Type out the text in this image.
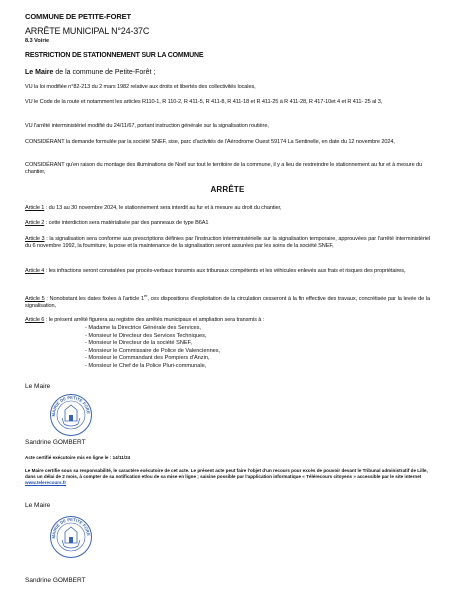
COMMUNE DE PETITE-FORET
ARRÊTE MUNICIPAL N°24-37C
8.3 Voirie
RESTRICTION DE STATIONNEMENT SUR LA COMMUNE
Le Maire de la commune de Petite-Forêt ;
VU la loi modifiée n°82-213 du 2 mars 1982 relative aux droits et libertés des collectivités locales,
VU le Code de la route et notamment les articles R110-1, R 110-2, R 411-5, R 411-8, R 411-18 et R 411-25 à R 411-28, R 417-10et 4 et R 411- 25 al 3,
VU l'arrêté interministériel modifié du 24/11/67, portant instruction générale sur la signalisation routière,
CONSIDÉRANT la demande formulée par la société SNEF, sise, parc d'activités de l'Aérodrome Ouest 59174 La Sentinelle, en date du 12 novembre 2024,
CONSIDÉRANT qu'en raison du montage des illuminations de Noël sur tout le territoire de la commune, il y a lieu de restreindre le stationnement au fur et à mesure du chantier,
ARRÊTE
Article 1 : du 13 au 30 novembre 2024, le stationnement sera interdit au fur et à mesure au droit du chantier,
Article 2 : cette interdiction sera matérialisée par des panneaux de type B6A1
Article 3 : la signalisation sera conforme aux prescriptions définies par l'instruction interministérielle sur la signalisation temporaire, approuvées par l'arrêté interministériel du 6 novembre 1992, la fourniture, la pose et la maintenance de la signalisation seront assurées par les soins de la société SNEF,
Article 4 : les infractions seront constatées par procès-verbaux transmis aux tribunaux compétents et les véhicules enlevés aux frais et risques des propriétaires,
Article 5 : Nonobstant les dates fixées à l'article 1er, ces dispositions d'exploitation de la circulation cesseront à la fin effective des travaux, concrétisée par la levée de la signalisation,
Article 6 : le présent arrêté figurera au registre des arrêtés municipaux et ampliation sera transmis à :
- Madame la Directrice Générale des Services,
- Monsieur le Directeur des Services Techniques,
- Monsieur le Directeur de la société SNEF,
- Monsieur le Commissaire de Police de Valenciennes,
- Monsieur le Commandant des Pompiers d'Anzin,
- Monsieur le Chef de la Police Pluri-communale,
Le Maire
MAIRIE DE PETITE FORE
Sandrine GOMBERT
Acte certifié exécutoire mis en ligne le : 14/11/24
Le Maire certifie sous sa responsabilité, le caractère exécutoire de cet acte. Le présent acte peut faire l'objet d'un recours pour excès de pouvoir devant le Tribunal administratif de Lille, dans un délai de 2 mois, à compter de sa notification et/ou de sa mise en ligne ; saisine possible par l'application informatique « Télérecours citoyens » accessible par le site internet www.telerecours.fr
Le Maire
MAIRIE DE PETITE FORE
Sandrine GOMBERT
